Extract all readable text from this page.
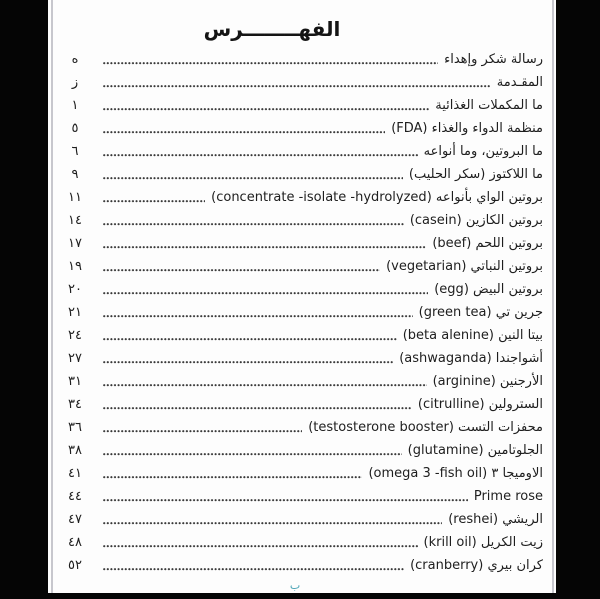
الفهــــــــرس
رسالة شكر وإهداء
ه
المقـدمة
ز
ما المكملات الغذائية
١
منظمة الدواء والغذاء (FDA)
٥
ما البروتين، وما أنواعه
٦
ما اللاكتوز (سكر الحليب)
٩
بروتين الواي بأنواعه (concentrate -isolate -hydrolyzed)
١١
بروتين الكازين (casein)
١٤
بروتين اللحم (beef)
١٧
بروتين النباتي (vegetarian)
١٩
بروتين البيض (egg)
٢٠
جرين تي (green tea)
٢١
بيتا النين (beta alenine)
٢٤
أشواجندا (ashwaganda)
٢٧
الأرجنين (arginine)
٣١
السترولين (citrulline)
٣٤
محفزات التست (testosterone booster)
٣٦
الجلوتامين (glutamine)
٣٨
الاوميجا ٣ (omega 3 -fish oil)
٤١
Prime rose
٤٤
الريشي (reshei)
٤٧
زيت الكريل (krill oil)
٤٨
كران بيري (cranberry)
٥٢
ب
